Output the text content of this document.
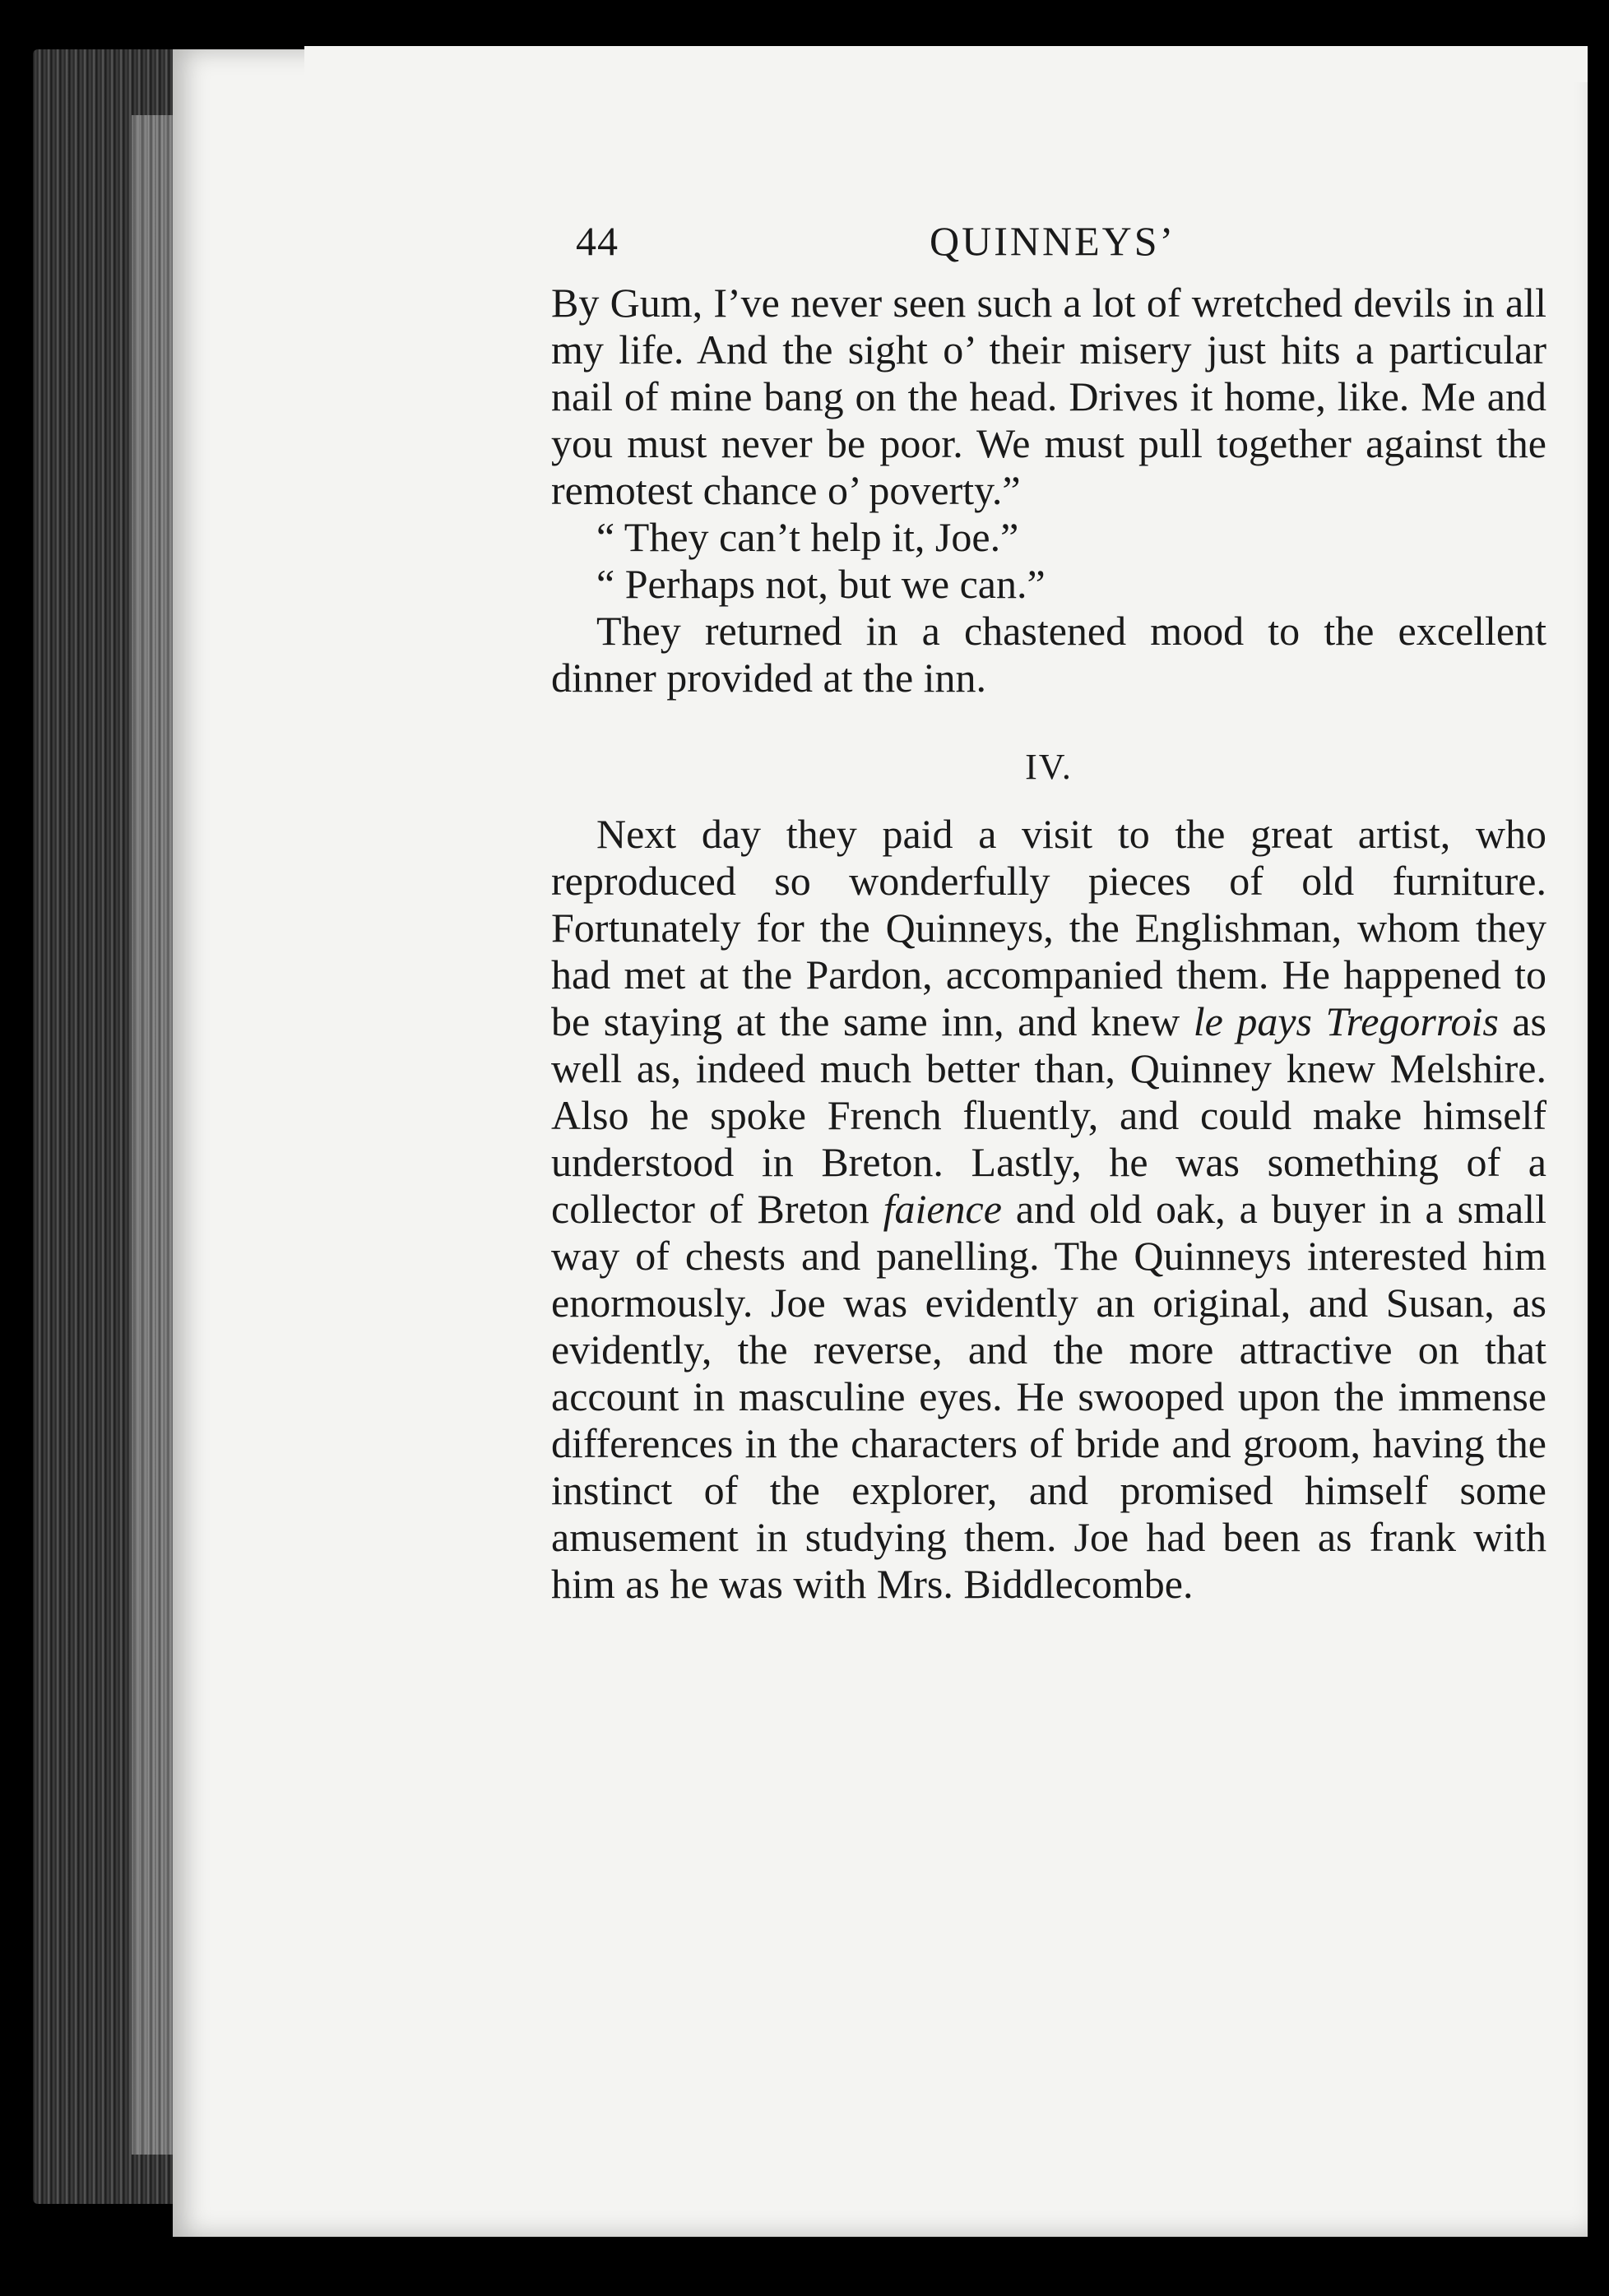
44	QUINNEYS’

By Gum, I’ve never seen such a lot of wretched devils in all my life. And the sight o’ their misery just hits a particular nail of mine bang on the head. Drives it home, like. Me and you must never be poor. We must pull together against the remotest chance o’ poverty.”

“ They can’t help it, Joe.”

“ Perhaps not, but we can.”

They returned in a chastened mood to the excellent dinner provided at the inn.

IV.

Next day they paid a visit to the great artist, who reproduced so wonderfully pieces of old furniture. Fortunately for the Quinneys, the Englishman, whom they had met at the Pardon, accompanied them. He happened to be staying at the same inn, and knew le pays Tregorrois as well as, indeed much better than, Quinney knew Melshire. Also he spoke French fluently, and could make himself understood in Breton. Lastly, he was something of a collector of Breton faience and old oak, a buyer in a small way of chests and panelling. The Quinneys interested him enormously. Joe was evidently an original, and Susan, as evidently, the reverse, and the more attractive on that account in masculine eyes. He swooped upon the immense differences in the characters of bride and groom, having the instinct of the explorer, and promised himself some amusement in studying them. Joe had been as frank with him as he was with Mrs. Biddlecombe.
